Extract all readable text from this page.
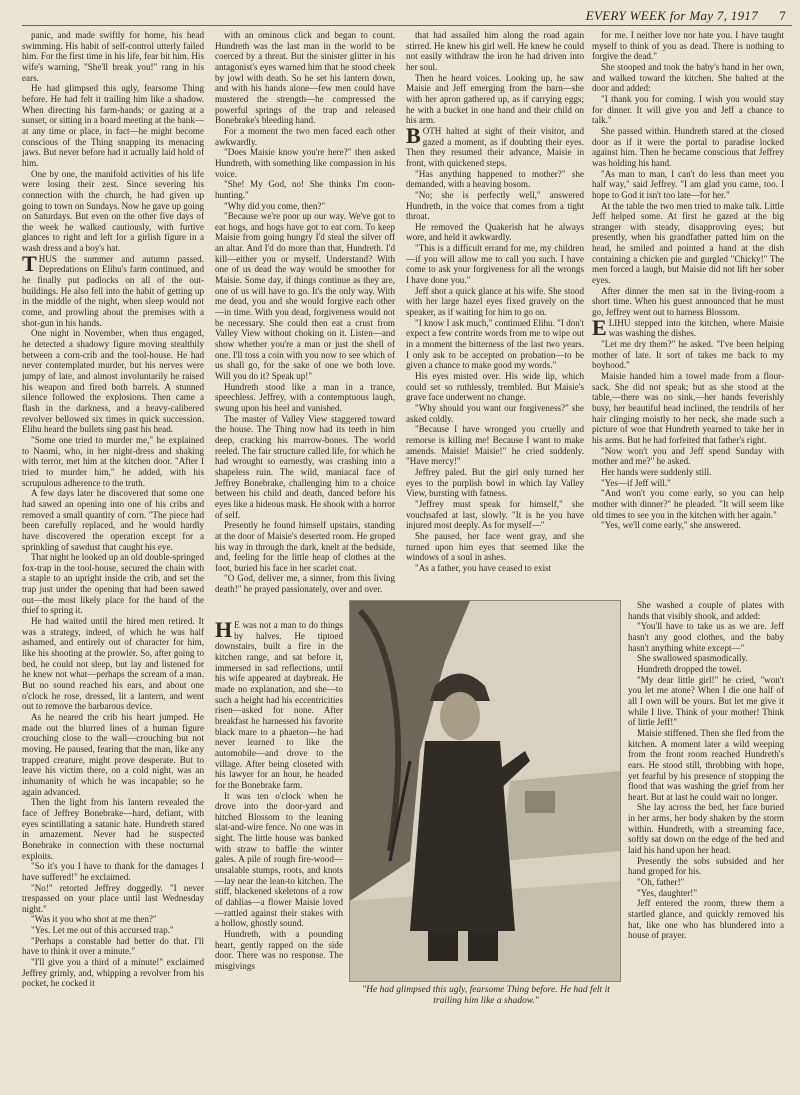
EVERY WEEK for May 7, 1917 7

panic, and made swiftly for home, his head swimming. His habit of self-control utterly failed him. For the first time in his life, fear bit him. His wife's warning, "She'll break you!" rang in his ears.

He had glimpsed this ugly, fearsome Thing before. He had felt it trailing him like a shadow. When directing his farm-hands; or gazing at a sunset, or sitting in a board meeting at the bank—at any time or place, in fact—he might become conscious of the Thing snapping its menacing jaws. But never before had it actually laid hold of him.

One by one, the manifold activities of his life were losing their zest. Since severing his connection with the church, he had given up going to town on Sundays. Now he gave up going on Saturdays. But even on the other five days of the week he walked cautiously, with furtive glances to right and left for a girlish figure in a wash dress and a boy's hat.

THUS the summer and autumn passed. Depredations on Elihu's farm continued, and he finally put padlocks on all of the out-buildings. He also fell into the habit of getting up in the middle of the night, when sleep would not come, and prowling about the premises with a shot-gun in his hands.

One night in November, when thus engaged, he detected a shadowy figure moving stealthily between a corn-crib and the tool-house. He had never contemplated murder, but his nerves were jumpy of late, and almost involuntarily he raised his weapon and fired both barrels. A stunned silence followed the explosions. Then came a flash in the darkness, and a heavy-calibered revolver bellowed six times in quick succession. Elihu heard the bullets sing past his head.

"Some one tried to murder me," he explained to Naomi, who, in her night-dress and shaking with terror, met him at the kitchen door. "After I tried to murder him," he added, with his scrupulous adherence to the truth.

A few days later he discovered that some one had sawed an opening into one of his cribs and removed a small quantity of corn. "The piece had been carefully replaced, and he would hardly have discovered the operation except for a sprinkling of sawdust that caught his eye.

That night he looked up an old double-springed fox-trap in the tool-house, secured the chain with a staple to an upright inside the crib, and set the trap just under the opening that had been sawed out—the most likely place for the hand of the thief to spring it.

He had waited until the hired men retired. It was a strategy, indeed, of which he was half ashamed, and entirely out of character for him, like his shooting at the prowler. So, after going to bed, he could not sleep, but lay and listened for he knew not what—perhaps the scream of a man. But no sound reached his ears, and about one o'clock he rose, dressed, lit a lantern, and went out to remove the barbarous device.

As he neared the crib his heart jumped. He made out the blurred lines of a human figure crouching close to the wall—crouching but not moving. He paused, fearing that the man, like any trapped creature, might prove desperate. But to leave his victim there, on a cold night, was an inhumanity of which he was incapable; so he again advanced.

Then the light from his lantern revealed the face of Jeffrey Bonebrake—hard, defiant, with eyes scintillating a satanic hate. Hundreth stared in amazement. Never had he suspected Bonebrake in connection with these nocturnal exploits.

"So it's you I have to thank for the damages I have suffered!" he exclaimed.

"No!" retorted Jeffrey doggedly. "I never trespassed on your place until last Wednesday night."

"Was it you who shot at me then?"

"Yes. Let me out of this accursed trap."

"Perhaps a constable had better do that. I'll have to think it over a minute."

"I'll give you a third of a minute!" exclaimed Jeffrey grimly, and, whipping a revolver from his pocket, he cocked it

with an ominous click and began to count. Hundreth was the last man in the world to be coerced by a threat. But the sinister glitter in his antagonist's eyes warned him that he stood cheek by jowl with death. So he set his lantern down, and with his hands alone—few men could have mustered the strength—he compressed the powerful springs of the trap and released Bonebrake's bleeding hand.

For a moment the two men faced each other awkwardly.

"Does Maisie know you're here?" then asked Hundreth, with something like compassion in his voice.

"She! My God, no! She thinks I'm coon-hunting."

"Why did you come, then?"

"Because we're poor up our way. We've got to eat hogs, and hogs have got to eat corn. To keep Maisie from going hungry I'd steal the silver off an altar. And I'd do more than that, Hundreth. I'd kill—either you or myself. Understand? With one of us dead the way would be smoother for Maisie. Some day, if things continue as they are, one of us will have to go. It's the only way. With me dead, you and she would forgive each other—in time. With you dead, forgiveness would not be necessary. She could then eat a crust from Valley View without choking on it. Listen—and show whether you're a man or just the shell of one. I'll toss a coin with you now to see which of us shall go, for the sake of one we both love. Will you do it? Speak up!"

Hundreth stood like a man in a trance, speechless. Jeffrey, with a contemptuous laugh, swung upon his heel and vanished.

The master of Valley View staggered toward the house. The Thing now had its teeth in him deep, cracking his marrow-bones. The world reeled. The fair structure called life, for which he had wrought so earnestly, was crashing into a shapeless ruin. The wild, maniacal face of Jeffrey Bonebrake, challenging him to a choice between his child and death, danced before his eyes like a hideous mask. He shook with a horror of self.

Presently he found himself upstairs, standing at the door of Maisie's deserted room. He groped his way in through the dark, knelt at the bedside, and, feeling for the little heap of clothes at the foot, buried his face in her scarlet coat.

"O God, deliver me, a sinner, from this living death!" he prayed passionately, over and over.

HE was not a man to do things by halves. He tiptoed downstairs, built a fire in the kitchen range, and sat before it, immersed in sad reflections, until his wife appeared at daybreak. He made no explanation, and she—to such a height had his eccentricities risen—asked for none. After breakfast he harnessed his favorite black mare to a phaeton—he had never learned to like the automobile—and drove to the village. After being closeted with his lawyer for an hour, he headed for the Bonebrake farm.

It was ten o'clock when he drove into the door-yard and hitched Blossom to the leaning slat-and-wire fence. No one was in sight. The little house was banked with straw to baffle the winter gales. A pile of rough fire-wood—unsalable stumps, roots, and knots—lay near the lean-to kitchen. The stiff, blackened skeletons of a row of dahlias—a flower Maisie loved—rattled against their stakes with a hollow, ghostly sound.

Hundreth, with a pounding heart, gently rapped on the side door. There was no response. The misgivings

that had assailed him along the road again stirred. He knew his girl well. He knew he could not easily withdraw the iron he had driven into her soul.

Then he heard voices. Looking up, he saw Maisie and Jeff emerging from the barn—she with her apron gathered up, as if carrying eggs; he with a bucket in one hand and their child on his arm.

BOTH halted at sight of their visitor, and gazed a moment, as if doubting their eyes. Then they resumed their advance, Maisie in front, with quickened steps.

"Has anything happened to mother?" she demanded, with a heaving bosom.

"No; she is perfectly well," answered Hundreth, in the voice that comes from a tight throat.

He removed the Quakerish hat he always wore, and held it awkwardly.

"This is a difficult errand for me, my children—if you will allow me to call you such. I have come to ask your forgiveness for all the wrongs I have done you."

Jeff shot a quick glance at his wife. She stood with her large hazel eyes fixed gravely on the speaker, as if waiting for him to go on.

"I know I ask much," continued Elihu. "I don't expect a few contrite words from me to wipe out in a moment the bitterness of the last two years. I only ask to be accepted on probation—to be given a chance to make good my words."

His eyes misted over. His wide lip, which could set so ruthlessly, trembled. But Maisie's grave face underwent no change.

"Why should you want our forgiveness?" she asked coldly.

"Because I have wronged you cruelly and remorse is killing me! Because I want to make amends. Maisie! Maisie!" he cried suddenly. "Have mercy!"

Jeffrey paled. But the girl only turned her eyes to the purplish bowl in which lay Valley View, bursting with fatness.

"Jeffrey must speak for himself," she vouchsafed at last, slowly. "It is he you have injured most deeply. As for myself—"

She paused, her face went gray, and she turned upon him eyes that seemed like the windows of a soul in ashes.

"As a father, you have ceased to exist

for me. I neither love nor hate you. I have taught myself to think of you as dead. There is nothing to forgive the dead."

She stooped and took the baby's hand in her own, and walked toward the kitchen. She halted at the door and added:

"I thank you for coming. I wish you would stay for dinner. It will give you and Jeff a chance to talk."

She passed within. Hundreth stared at the closed door as if it were the portal to paradise locked against him. Then he became conscious that Jeffrey was holding his hand.

"As man to man, I can't do less than meet you half way," said Jeffrey. "I am glad you came, too. I hope to God it isn't too late—for her."

At the table the two men tried to make talk. Little Jeff helped some. At first he gazed at the big stranger with steady, disapproving eyes; but presently, when his grandfather patted him on the head, he smiled and pointed a hand at the dish containing a chicken pie and gurgled "Chicky!" The men forced a laugh, but Maisie did not lift her sober eyes.

After dinner the men sat in the living-room a short time. When his guest announced that he must go, Jeffrey went out to harness Blossom.

ELIHU stepped into the kitchen, where Maisie was washing the dishes.

"Let me dry them?" he asked. "I've been helping mother of late. It sort of takes me back to my boyhood."

Maisie handed him a towel made from a flour-sack. She did not speak; but as she stood at the table,—there was no sink,—her hands feverishly busy, her beautiful head inclined, the tendrils of her hair clinging moistly to her neck, she made such a picture of woe that Hundreth yearned to take her in his arms. But he had forfeited that father's right.

"Now won't you and Jeff spend Sunday with mother and me?" he asked.

Her hands were suddenly still.

"Yes—if Jeff will."

"And won't you come early, so you can help mother with dinner?" he pleaded. "It will seem like old times to see you in the kitchen with her again."

"Yes, we'll come early," she answered.

She washed a couple of plates with hands that visibly shook, and added:

"You'll have to take us as we are. Jeff hasn't any good clothes, and the baby hasn't anything white except—"

She swallowed spasmodically.

Hundreth dropped the towel.

"My dear little girl!" he cried, "won't you let me atone? When I die one half of all I own will be yours. But let me give it while I live. Think of your mother! Think of little Jeff!"

Maisie stiffened. Then she fled from the kitchen. A moment later a wild weeping from the front room reached Hundreth's ears. He stood still, throbbing with hope, yet fearful by his presence of stopping the flood that was washing the grief from her heart. But at last he could wait no longer.

She lay across the bed, her face buried in her arms, her body shaken by the storm within. Hundreth, with a streaming face, softly sat down on the edge of the bed and laid his hand upon her head.

Presently the sobs subsided and her hand groped for his.

"Oh, father!"

"Yes, daughter!"

Jeff entered the room, threw them a startled glance, and quickly removed his hat, like one who has blundered into a house of prayer.

"He had glimpsed this ugly, fearsome Thing before. He had felt it trailing him like a shadow."
